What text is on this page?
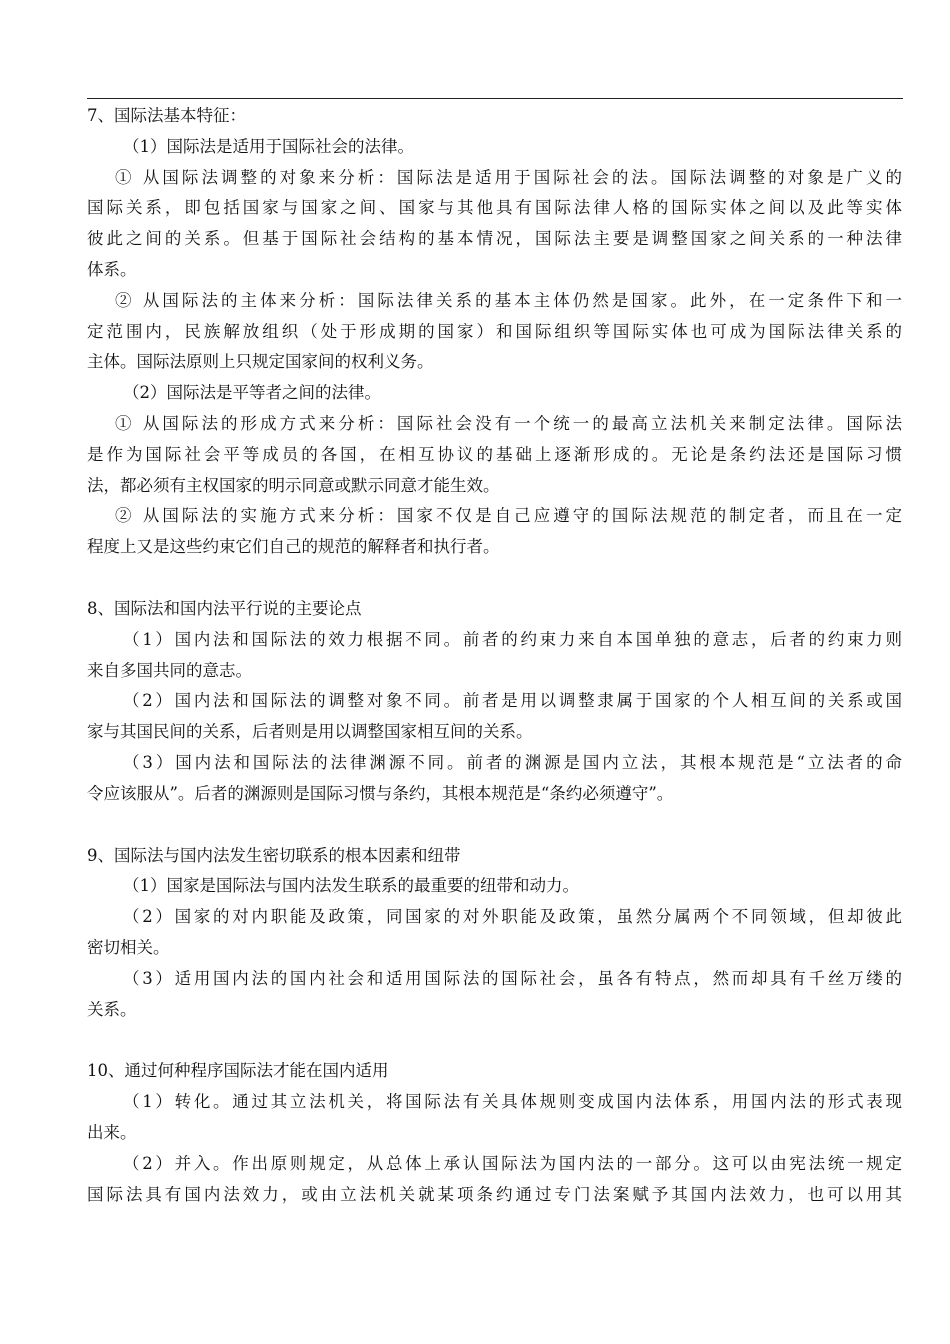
7、国际法基本特征：
（1）国际法是适用于国际社会的法律。
① 从国际法调整的对象来分析：国际法是适用于国际社会的法。国际法调整的对象是广义的
国际关系，即包括国家与国家之间、国家与其他具有国际法律人格的国际实体之间以及此等实体
彼此之间的关系。但基于国际社会结构的基本情况，国际法主要是调整国家之间关系的一种法律
体系。
② 从国际法的主体来分析：国际法律关系的基本主体仍然是国家。此外，在一定条件下和一
定范围内，民族解放组织（处于形成期的国家）和国际组织等国际实体也可成为国际法律关系的
主体。国际法原则上只规定国家间的权利义务。
（2）国际法是平等者之间的法律。
① 从国际法的形成方式来分析：国际社会没有一个统一的最高立法机关来制定法律。国际法
是作为国际社会平等成员的各国，在相互协议的基础上逐渐形成的。无论是条约法还是国际习惯
法，都必须有主权国家的明示同意或默示同意才能生效。
② 从国际法的实施方式来分析：国家不仅是自己应遵守的国际法规范的制定者，而且在一定
程度上又是这些约束它们自己的规范的解释者和执行者。
8、国际法和国内法平行说的主要论点
（1）国内法和国际法的效力根据不同。前者的约束力来自本国单独的意志，后者的约束力则
来自多国共同的意志。
（2）国内法和国际法的调整对象不同。前者是用以调整隶属于国家的个人相互间的关系或国
家与其国民间的关系，后者则是用以调整国家相互间的关系。
（3）国内法和国际法的法律渊源不同。前者的渊源是国内立法，其根本规范是“立法者的命
令应该服从”。后者的渊源则是国际习惯与条约，其根本规范是“条约必须遵守”。
9、国际法与国内法发生密切联系的根本因素和纽带
（1）国家是国际法与国内法发生联系的最重要的纽带和动力。
（2）国家的对内职能及政策，同国家的对外职能及政策，虽然分属两个不同领域，但却彼此
密切相关。
（3）适用国内法的国内社会和适用国际法的国际社会，虽各有特点，然而却具有千丝万缕的
关系。
10、通过何种程序国际法才能在国内适用
（1）转化。通过其立法机关，将国际法有关具体规则变成国内法体系，用国内法的形式表现
出来。
（2）并入。作出原则规定，从总体上承认国际法为国内法的一部分。这可以由宪法统一规定
国际法具有国内法效力，或由立法机关就某项条约通过专门法案赋予其国内法效力，也可以用其
